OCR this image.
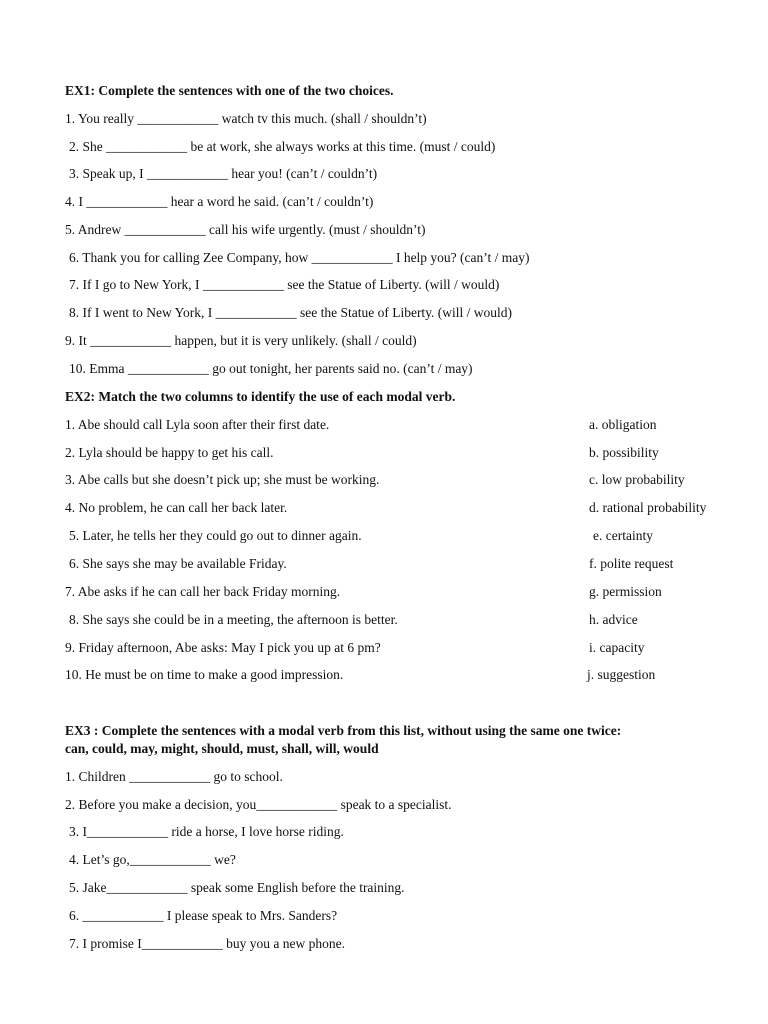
EX1: Complete the sentences with one of the two choices.
1. You really ____________ watch tv this much. (shall / shouldn’t)
2. She ____________ be at work, she always works at this time. (must / could)
3. Speak up, I ____________ hear you! (can’t / couldn’t)
4. I ____________ hear a word he said. (can’t / couldn’t)
5. Andrew ____________ call his wife urgently. (must / shouldn’t)
6. Thank you for calling Zee Company, how ____________ I help you? (can’t / may)
7. If I go to New York, I ____________ see the Statue of Liberty. (will / would)
8. If I went to New York, I ____________ see the Statue of Liberty. (will / would)
9. It ____________ happen, but it is very unlikely. (shall / could)
10. Emma ____________ go out tonight, her parents said no. (can’t / may)
EX2: Match the two columns to identify the use of each modal verb.
1. Abe should call Lyla soon after their first date.
2. Lyla should be happy to get his call.
3. Abe calls but she doesn’t pick up; she must be working.
4. No problem, he can call her back later.
5. Later, he tells her they could go out to dinner again.
6. She says she may be available Friday.
7. Abe asks if he can call her back Friday morning.
8. She says she could be in a meeting, the afternoon is better.
9. Friday afternoon, Abe asks: May I pick you up at 6 pm?
10. He must be on time to make a good impression.
a. obligation
b. possibility
c. low probability
d. rational probability
e. certainty
f. polite request
g. permission
h. advice
i. capacity
j. suggestion
EX3 : Complete the sentences with a modal verb from this list, without using the same one twice:
can, could, may, might, should, must, shall, will, would
1. Children ____________ go to school.
2. Before you make a decision, you____________ speak to a specialist.
3. I____________ ride a horse, I love horse riding.
4. Let’s go,____________ we?
5. Jake____________ speak some English before the training.
6. ____________ I please speak to Mrs. Sanders?
7. I promise I____________ buy you a new phone.
